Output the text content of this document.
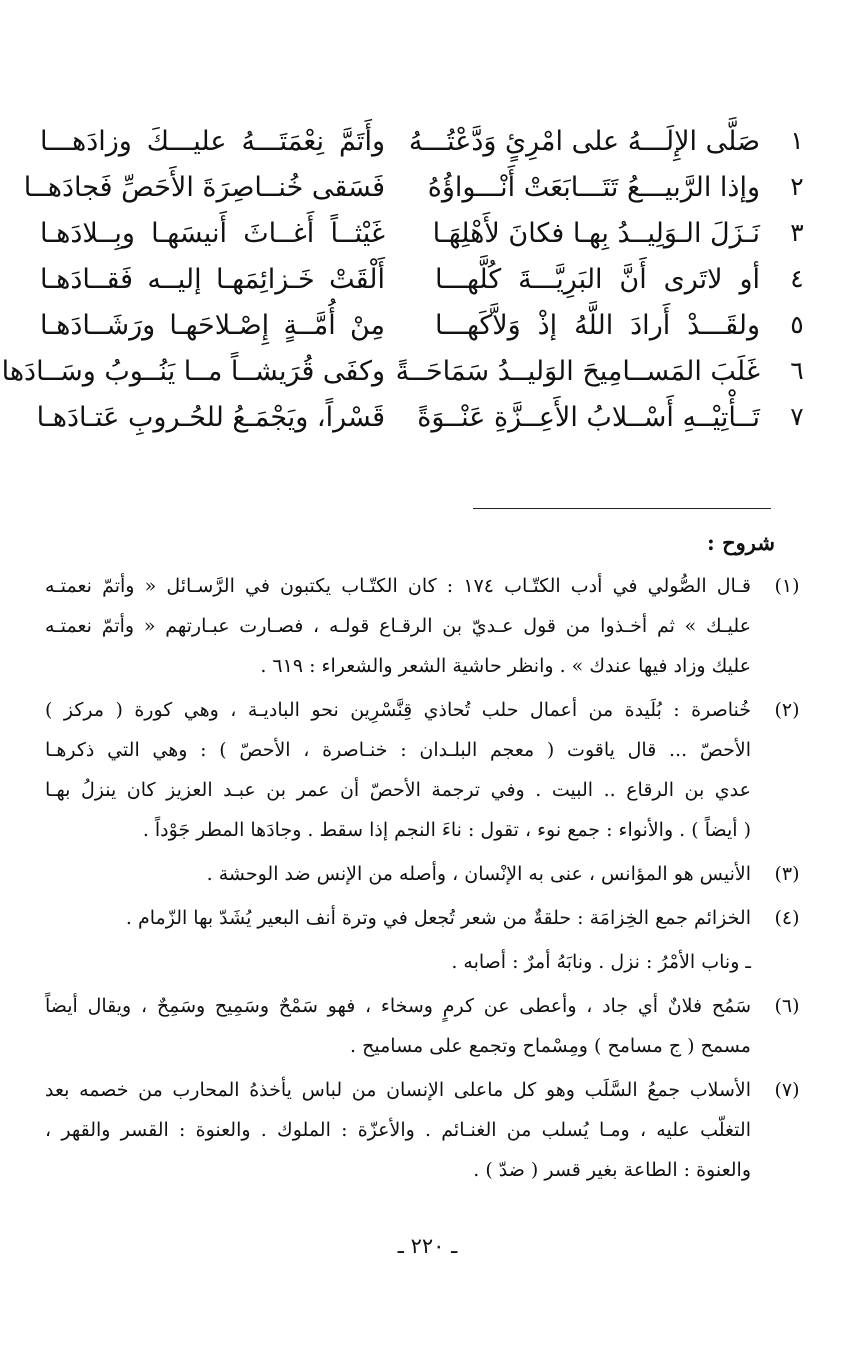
١
صَلَّى الإِلَـــهُ على امْرِئٍ وَدَّعْتُـــهُ
وأَتَمَّ نِعْمَتَـــهُ عليـــكَ وزادَهـــا
٢
وإذا الرَّبيـــعُ تَتَـــابَعَتْ أَنْـــواؤُهُ
فَسَقى خُنــاصِرَةَ الأَحَصِّ فَجادَهــا
٣
نَـزَلَ الـوَلِيــدُ بِهـا فكانَ لأَهْلِهَـا
غَيْثــاً أَغــاثَ أَنيسَهـا وبِــلادَهـا
٤
أو لاتَرى أَنَّ البَرِيَّـــةَ كُلَّهـــا
أَلْقَتْ خَـزائِمَهـا إليــه فَقــادَهـا
٥
ولقَـــدْ أَرادَ اللَّهُ إذْ وَلاَّكَهـــا
مِنْ أُمَّــةٍ إِصْـلاحَهـا ورَشَــادَهـا
٦
غَلَبَ المَســامِيحَ الوَليــدُ سَمَاحَــةً
وكفَى قُرَيشــاً مــا يَنُــوبُ وسَــادَها
٧
تَــأْتِيْــهِ أَسْــلابُ الأَعِــزَّةِ عَنْــوَةً
قَسْراً، ويَجْمَـعُ للحُـروبِ عَتـادَهـا
شروح :
(١)
قـال الصُّولي في أدب الكتّـاب ١٧٤ : كان الكتّـاب يكتبون في الرَّسـائل « وأتمّ نعمتـه
عليـك » ثم أخـذوا من قول عـديّ بن الرقـاع قولـه ، فصـارت عبـارتهم « وأتمّ نعمتـه
عليك وزاد فيها عندك » . وانظر حاشية الشعر والشعراء : ٦١٩ .
(٢)
خُناصرة : بُلَيدة من أعمال حلب تُحاذي قِنَّسْرِين نحو الباديـة ، وهي كورة ( مركز )
الأحصّ ... قال ياقوت ( معجم البلـدان : خنـاصرة ، الأحصّ ) : وهي التي ذكرهـا
عدي بن الرقاع .. البيت . وفي ترجمة الأحصّ أن عمر بن عبـد العزيز كان ينزلُ بهـا
( أيضاً ) . والأنواء : جمع نوء ، تقول : ناءَ النجم إذا سقط . وجادَها المطر جَوْداً .
(٣)
الأنيس هو المؤانس ، عنى به الإنْسان ، وأصله من الإنس ضد الوحشة .
(٤)
الخزائم جمع الخِزامَة : حلقةٌ من شعر تُجعل في وترة أنف البعير يُشَدّ بها الزّمام .
ـ وناب الأمْرُ : نزل . ونابَهُ أمرٌ : أصابه .
(٦)
سَمُح فلانٌ أي جاد ، وأعطى عن كرمٍ وسخاء ، فهو سَمْحٌ وسَمِيح وسَمِحٌ ، ويقال أيضاً
مسمح ( ج مسامح ) ومِسْماح وتجمع على مساميح .
(٧)
الأسلاب جمعُ السَّلَب وهو كل ماعلى الإنسان من لباس يأخذهُ المحارب من خصمه بعد
التغلّب عليه ، ومـا يُسلب من الغنـائم . والأعزّة : الملوك . والعنوة : القسر والقهر ،
والعنوة : الطاعة بغير قسر ( ضدّ ) .
ـ ٢٢٠ ـ
